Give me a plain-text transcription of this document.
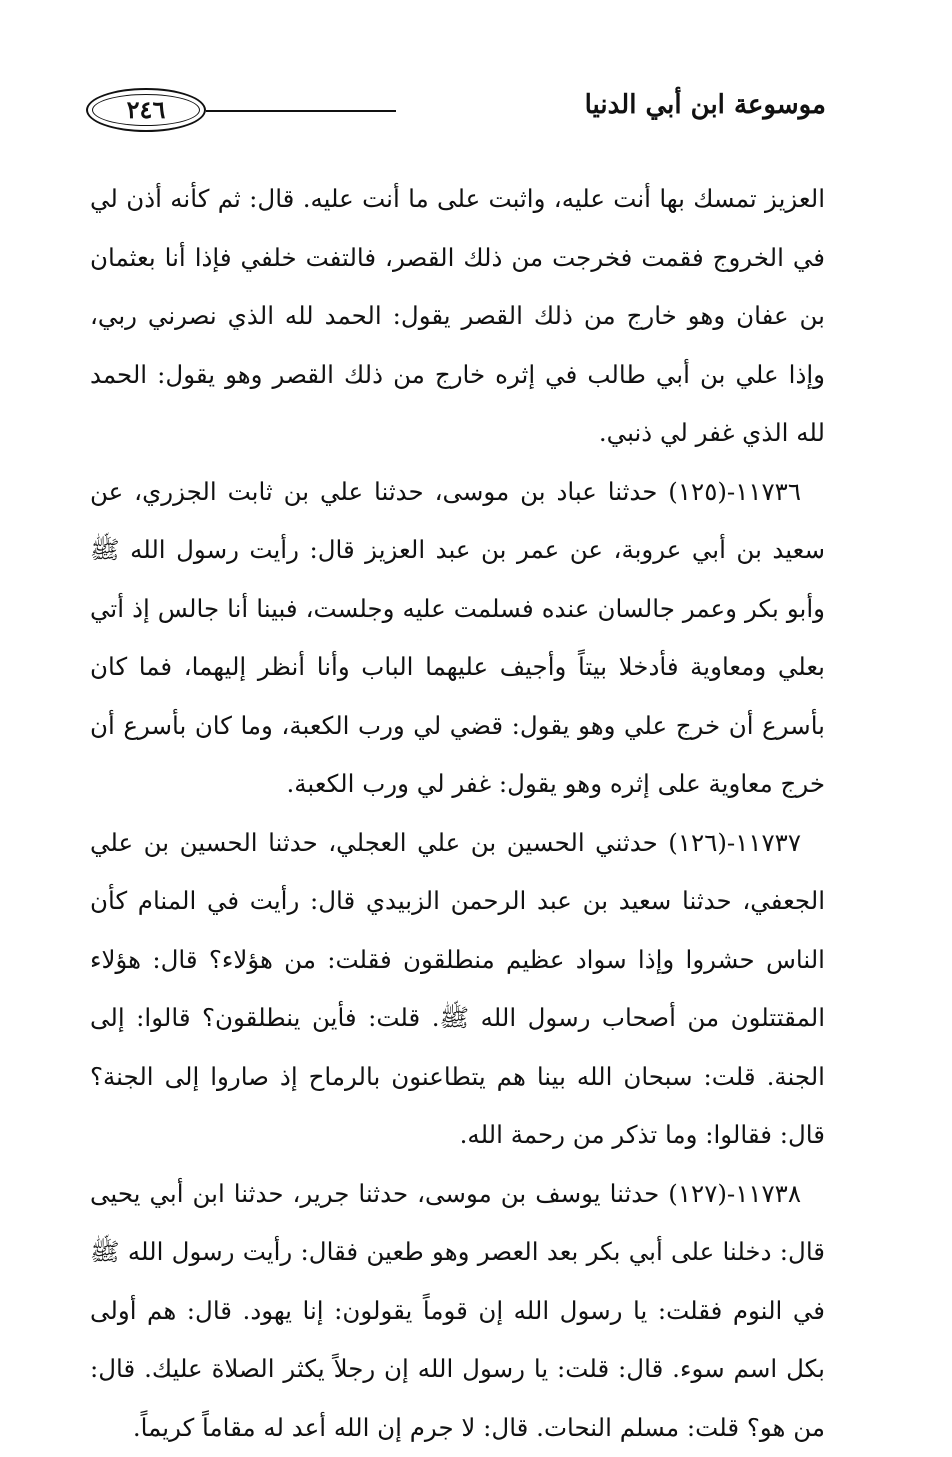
٢٤٦	موسوعة ابن أبي الدنيا

العزيز تمسك بها أنت عليه، واثبت على ما أنت عليه. قال: ثم كأنه أذن لي في الخروج فقمت فخرجت من ذلك القصر، فالتفت خلفي فإذا أنا بعثمان بن عفان وهو خارج من ذلك القصر يقول: الحمد لله الذي نصرني ربي، وإذا علي بن أبي طالب في إثره خارج من ذلك القصر وهو يقول: الحمد لله الذي غفر لي ذنبي.

١١٧٣٦-(١٢٥) حدثنا عباد بن موسى، حدثنا علي بن ثابت الجزري، عن سعيد بن أبي عروبة، عن عمر بن عبد العزيز قال: رأيت رسول الله ﷺ وأبو بكر وعمر جالسان عنده فسلمت عليه وجلست، فبينا أنا جالس إذ أتي بعلي ومعاوية فأدخلا بيتاً وأجيف عليهما الباب وأنا أنظر إليهما، فما كان بأسرع أن خرج علي وهو يقول: قضي لي ورب الكعبة، وما كان بأسرع أن خرج معاوية على إثره وهو يقول: غفر لي ورب الكعبة.

١١٧٣٧-(١٢٦) حدثني الحسين بن علي العجلي، حدثنا الحسين بن علي الجعفي، حدثنا سعيد بن عبد الرحمن الزبيدي قال: رأيت في المنام كأن الناس حشروا وإذا سواد عظيم منطلقون فقلت: من هؤلاء؟ قال: هؤلاء المقتتلون من أصحاب رسول الله ﷺ. قلت: فأين ينطلقون؟ قالوا: إلى الجنة. قلت: سبحان الله بينا هم يتطاعنون بالرماح إذ صاروا إلى الجنة؟ قال: فقالوا: وما تذكر من رحمة الله.

١١٧٣٨-(١٢٧) حدثنا يوسف بن موسى، حدثنا جرير، حدثنا ابن أبي يحيى قال: دخلنا على أبي بكر بعد العصر وهو طعين فقال: رأيت رسول الله ﷺ في النوم فقلت: يا رسول الله إن قوماً يقولون: إنا يهود. قال: هم أولى بكل اسم سوء. قال: قلت: يا رسول الله إن رجلاً يكثر الصلاة عليك. قال: من هو؟ قلت: مسلم النحات. قال: لا جرم إن الله أعد له مقاماً كريماً.
